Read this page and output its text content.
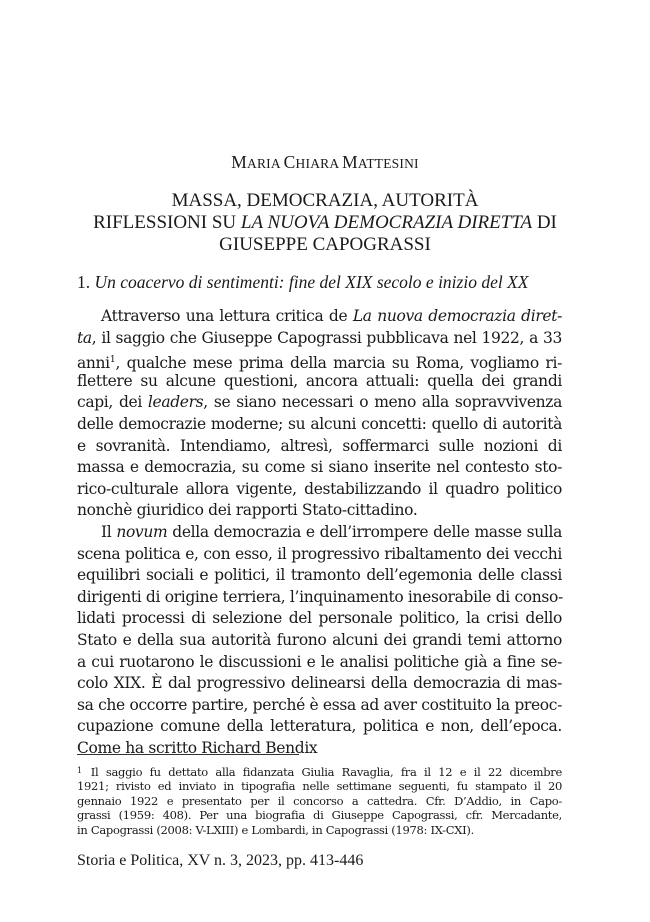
MARIA CHIARA MATTESINI
MASSA, DEMOCRAZIA, AUTORITÀ
RIFLESSIONI SU LA NUOVA DEMOCRAZIA DIRETTA DI
GIUSEPPE CAPOGRASSI
1. Un coacervo di sentimenti: fine del XIX secolo e inizio del XX
Attraverso una lettura critica de La nuova democrazia diret-
ta, il saggio che Giuseppe Capograssi pubblicava nel 1922, a 33
anni$^1$, qualche mese prima della marcia su Roma, vogliamo ri-
flettere su alcune questioni, ancora attuali: quella dei grandi
capi, dei leaders, se siano necessari o meno alla sopravvivenza
delle democrazie moderne; su alcuni concetti: quello di autorità
e sovranità. Intendiamo, altresì, soffermarci sulle nozioni di
massa e democrazia, su come si siano inserite nel contesto sto-
rico-culturale allora vigente, destabilizzando il quadro politico
nonchè giuridico dei rapporti Stato-cittadino.
Il novum della democrazia e dell’irrompere delle masse sulla
scena politica e, con esso, il progressivo ribaltamento dei vecchi
equilibri sociali e politici, il tramonto dell’egemonia delle classi
dirigenti di origine terriera, l’inquinamento inesorabile di conso-
lidati processi di selezione del personale politico, la crisi dello
Stato e della sua autorità furono alcuni dei grandi temi attorno
a cui ruotarono le discussioni e le analisi politiche già a fine se-
colo XIX. È dal progressivo delinearsi della democrazia di mas-
sa che occorre partire, perché è essa ad aver costituito la preoc-
cupazione comune della letteratura, politica e non, dell’epoca.
Come ha scritto Richard Bendix
$^1$ Il saggio fu dettato alla fidanzata Giulia Ravaglia, fra il 12 e il 22 dicembre
1921; rivisto ed inviato in tipografia nelle settimane seguenti, fu stampato il 20
gennaio 1922 e presentato per il concorso a cattedra. Cfr. D’Addio, in Capo-
grassi (1959: 408). Per una biografia di Giuseppe Capograssi, cfr. Mercadante,
in Capograssi (2008: V-LXIII) e Lombardi, in Capograssi (1978: IX-CXI).
Storia e Politica, XV n. 3, 2023, pp. 413-446
